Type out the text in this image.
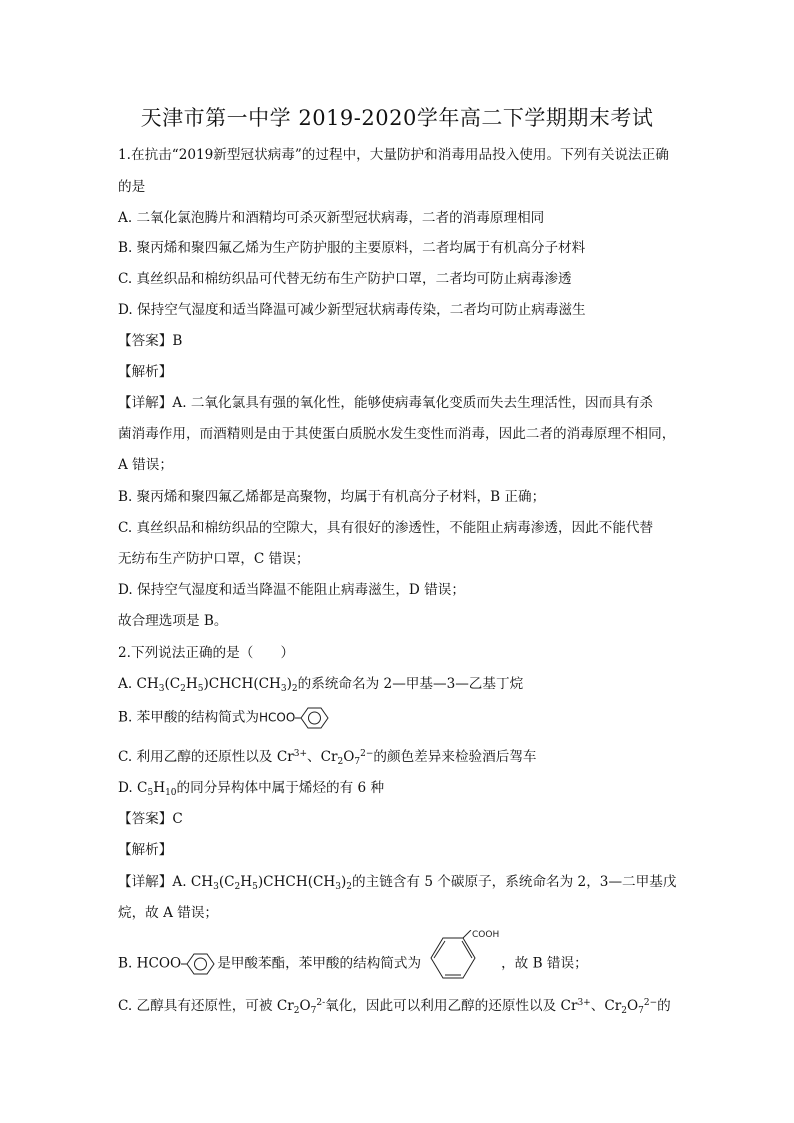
天津市第一中学 2019-2020学年高二下学期期末考试
1.在抗击“2019新型冠状病毒”的过程中，大量防护和消毒用品投入使用。下列有关说法正确
的是
A. 二氧化氯泡腾片和酒精均可杀灭新型冠状病毒，二者的消毒原理相同
B. 聚丙烯和聚四氟乙烯为生产防护服的主要原料，二者均属于有机高分子材料
C. 真丝织品和棉纺织品可代替无纺布生产防护口罩，二者均可防止病毒渗透
D. 保持空气湿度和适当降温可减少新型冠状病毒传染，二者均可防止病毒滋生
【答案】B
【解析】
【详解】A. 二氧化氯具有强的氧化性，能够使病毒氧化变质而失去生理活性，因而具有杀
菌消毒作用，而酒精则是由于其使蛋白质脱水发生变性而消毒，因此二者的消毒原理不相同，
A 错误；
B. 聚丙烯和聚四氟乙烯都是高聚物，均属于有机高分子材料，B 正确；
C. 真丝织品和棉纺织品的空隙大，具有很好的渗透性，不能阻止病毒渗透，因此不能代替
无纺布生产防护口罩，C 错误；
D. 保持空气湿度和适当降温不能阻止病毒滋生，D 错误；
故合理选项是 B。
2.下列说法正确的是（　　）
A. $CH_3(C_2H_5)CHCH(CH_3)_2$的系统命名为 2—甲基—3—乙基丁烷
B. 苯甲酸的结构简式为HCOO
C. 利用乙醇的还原性以及 $Cr^{3+}$、$Cr_2O_7^{2-}$的颜色差异来检验酒后驾车
D. $C_5H_{10}$的同分异构体中属于烯烃的有 6 种
【答案】C
【解析】
【详解】A. $CH_3(C_2H_5)CHCH(CH_3)_2$的主链含有 5 个碳原子，系统命名为 2，3—二甲基戊
烷，故 A 错误；
B. HCOO	是甲酸苯酯，苯甲酸的结构简式为
COOH
，故 B 错误；
C. 乙醇具有还原性，可被 $Cr_2O_7^{2-}$氧化，因此可以利用乙醇的还原性以及 $Cr^{3+}$、$Cr_2O_7^{2-}$的
